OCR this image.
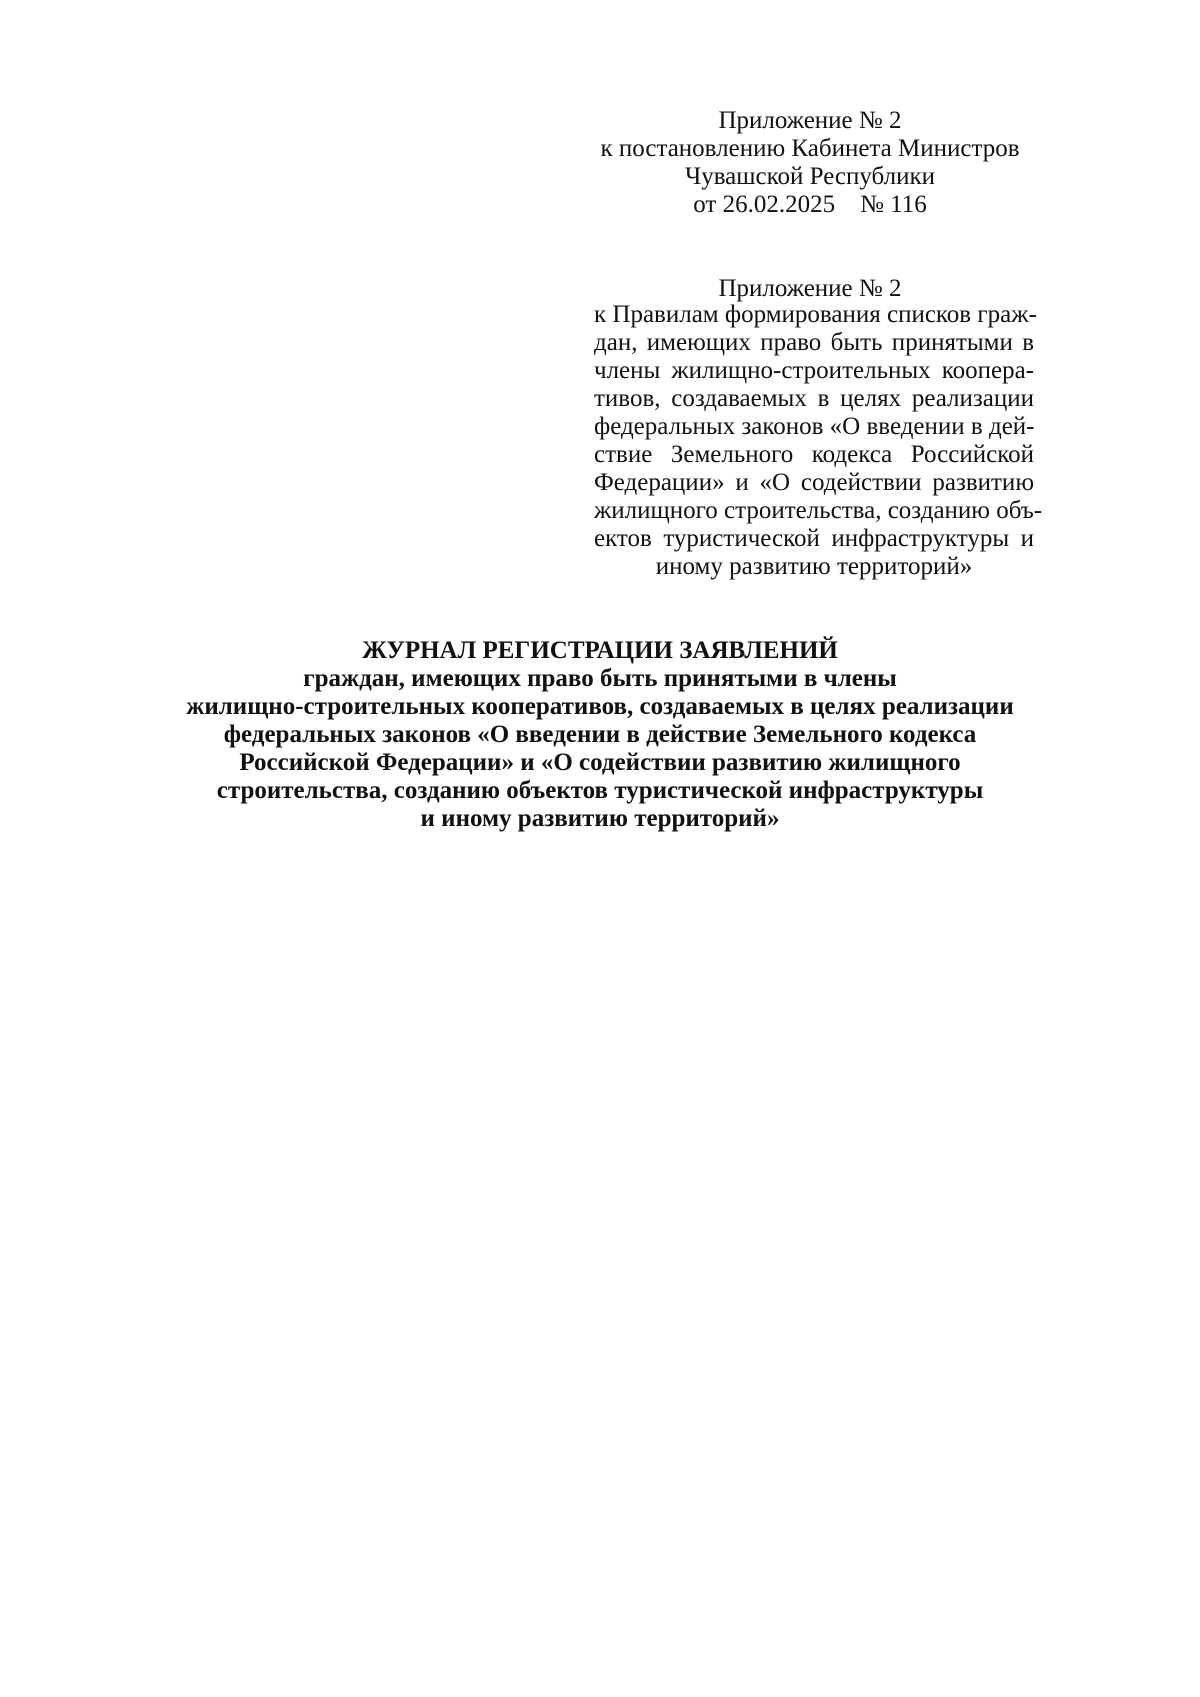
Приложение № 2
к постановлению Кабинета Министров
Чувашской Республики
от 26.02.2025    № 116
Приложение № 2
к Правилам формирования списков граж-
дан, имеющих право быть принятыми в
члены жилищно-строительных коопера-
тивов, создаваемых в целях реализации
федеральных законов «О введении в дей-
ствие Земельного кодекса Российской
Федерации» и «О содействии развитию
жилищного строительства, созданию объ-
ектов туристической инфраструктуры и
иному развитию территорий»
ЖУРНАЛ РЕГИСТРАЦИИ ЗАЯВЛЕНИЙ
граждан, имеющих право быть принятыми в члены
жилищно-строительных кооперативов, создаваемых в целях реализации
федеральных законов «О введении в действие Земельного кодекса
Российской Федерации» и «О содействии развитию жилищного
строительства, созданию объектов туристической инфраструктуры
и иному развитию территорий»
